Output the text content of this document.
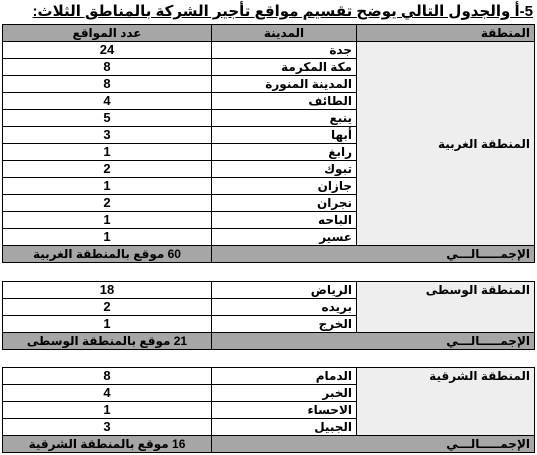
5-أ والجدول التالي يوضح تقسيم مواقع تأجير الشركة بالمناطق الثلاث:
المنطقة	المدينة	عدد المواقع
المنطقة الغربية	جدة	24
	مكة المكرمة	8
	المدينة المنورة	8
	الطائف	4
	ينبع	5
	أبها	3
	رابغ	1
	تبوك	2
	جازان	1
	نجران	2
	الباحه	1
	عسير	1
الإجمـــــالـــي		60 موقع بالمنطقة الغربية
المنطقة الوسطى	الرياض	18
	بريده	2
	الخرج	1
الإجمـــــالـــي		21 موقع بالمنطقة الوسطى
المنطقة الشرقية	الدمام	8
	الخبر	4
	الاحساء	1
	الجبيل	3
الإجمـــــالـــي		16 موقع بالمنطقة الشرقية
